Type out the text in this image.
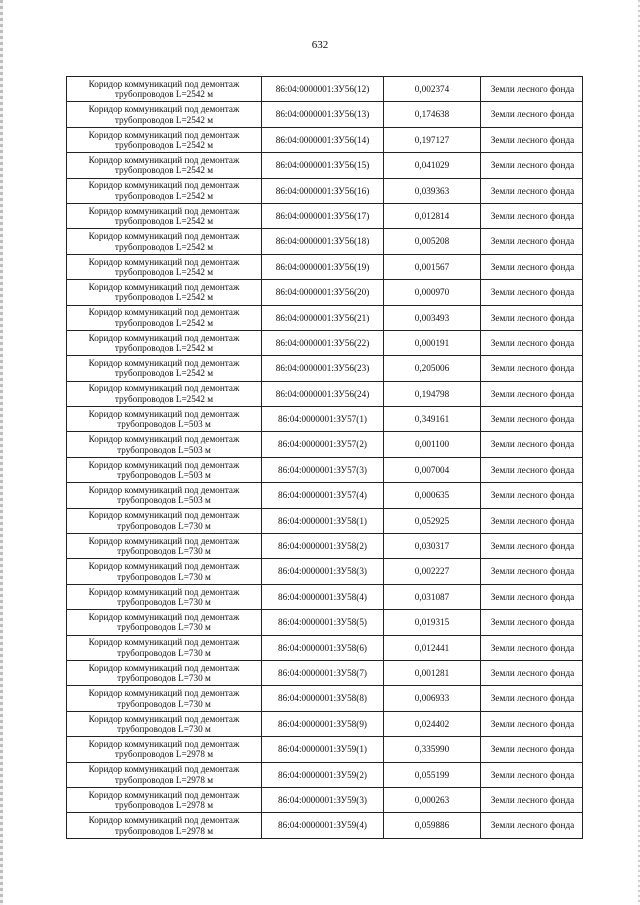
632
Коридор коммуникаций под демонтаж
трубопроводов L=2542 м	86:04:0000001:ЗУ56(12)	0,002374	Земли лесного фонда

Коридор коммуникаций под демонтаж
трубопроводов L=2542 м	86:04:0000001:ЗУ56(13)	0,174638	Земли лесного фонда

Коридор коммуникаций под демонтаж
трубопроводов L=2542 м	86:04:0000001:ЗУ56(14)	0,197127	Земли лесного фонда

Коридор коммуникаций под демонтаж
трубопроводов L=2542 м	86:04:0000001:ЗУ56(15)	0,041029	Земли лесного фонда

Коридор коммуникаций под демонтаж
трубопроводов L=2542 м	86:04:0000001:ЗУ56(16)	0,039363	Земли лесного фонда

Коридор коммуникаций под демонтаж
трубопроводов L=2542 м	86:04:0000001:ЗУ56(17)	0,012814	Земли лесного фонда

Коридор коммуникаций под демонтаж
трубопроводов L=2542 м	86:04:0000001:ЗУ56(18)	0,005208	Земли лесного фонда

Коридор коммуникаций под демонтаж
трубопроводов L=2542 м	86:04:0000001:ЗУ56(19)	0,001567	Земли лесного фонда

Коридор коммуникаций под демонтаж
трубопроводов L=2542 м	86:04:0000001:ЗУ56(20)	0,000970	Земли лесного фонда

Коридор коммуникаций под демонтаж
трубопроводов L=2542 м	86:04:0000001:ЗУ56(21)	0,003493	Земли лесного фонда

Коридор коммуникаций под демонтаж
трубопроводов L=2542 м	86:04:0000001:ЗУ56(22)	0,000191	Земли лесного фонда

Коридор коммуникаций под демонтаж
трубопроводов L=2542 м	86:04:0000001:ЗУ56(23)	0,205006	Земли лесного фонда

Коридор коммуникаций под демонтаж
трубопроводов L=2542 м	86:04:0000001:ЗУ56(24)	0,194798	Земли лесного фонда

Коридор коммуникаций под демонтаж
трубопроводов L=503 м	86:04:0000001:ЗУ57(1)	0,349161	Земли лесного фонда

Коридор коммуникаций под демонтаж
трубопроводов L=503 м	86:04:0000001:ЗУ57(2)	0,001100	Земли лесного фонда

Коридор коммуникаций под демонтаж
трубопроводов L=503 м	86:04:0000001:ЗУ57(3)	0,007004	Земли лесного фонда

Коридор коммуникаций под демонтаж
трубопроводов L=503 м	86:04:0000001:ЗУ57(4)	0,000635	Земли лесного фонда

Коридор коммуникаций под демонтаж
трубопроводов L=730 м	86:04:0000001:ЗУ58(1)	0,052925	Земли лесного фонда

Коридор коммуникаций под демонтаж
трубопроводов L=730 м	86:04:0000001:ЗУ58(2)	0,030317	Земли лесного фонда

Коридор коммуникаций под демонтаж
трубопроводов L=730 м	86:04:0000001:ЗУ58(3)	0,002227	Земли лесного фонда

Коридор коммуникаций под демонтаж
трубопроводов L=730 м	86:04:0000001:ЗУ58(4)	0,031087	Земли лесного фонда

Коридор коммуникаций под демонтаж
трубопроводов L=730 м	86:04:0000001:ЗУ58(5)	0,019315	Земли лесного фонда

Коридор коммуникаций под демонтаж
трубопроводов L=730 м	86:04:0000001:ЗУ58(6)	0,012441	Земли лесного фонда

Коридор коммуникаций под демонтаж
трубопроводов L=730 м	86:04:0000001:ЗУ58(7)	0,001281	Земли лесного фонда

Коридор коммуникаций под демонтаж
трубопроводов L=730 м	86:04:0000001:ЗУ58(8)	0,006933	Земли лесного фонда

Коридор коммуникаций под демонтаж
трубопроводов L=730 м	86:04:0000001:ЗУ58(9)	0,024402	Земли лесного фонда

Коридор коммуникаций под демонтаж
трубопроводов L=2978 м	86:04:0000001:ЗУ59(1)	0,335990	Земли лесного фонда

Коридор коммуникаций под демонтаж
трубопроводов L=2978 м	86:04:0000001:ЗУ59(2)	0,055199	Земли лесного фонда

Коридор коммуникаций под демонтаж
трубопроводов L=2978 м	86:04:0000001:ЗУ59(3)	0,000263	Земли лесного фонда

Коридор коммуникаций под демонтаж
трубопроводов L=2978 м	86:04:0000001:ЗУ59(4)	0,059886	Земли лесного фонда
